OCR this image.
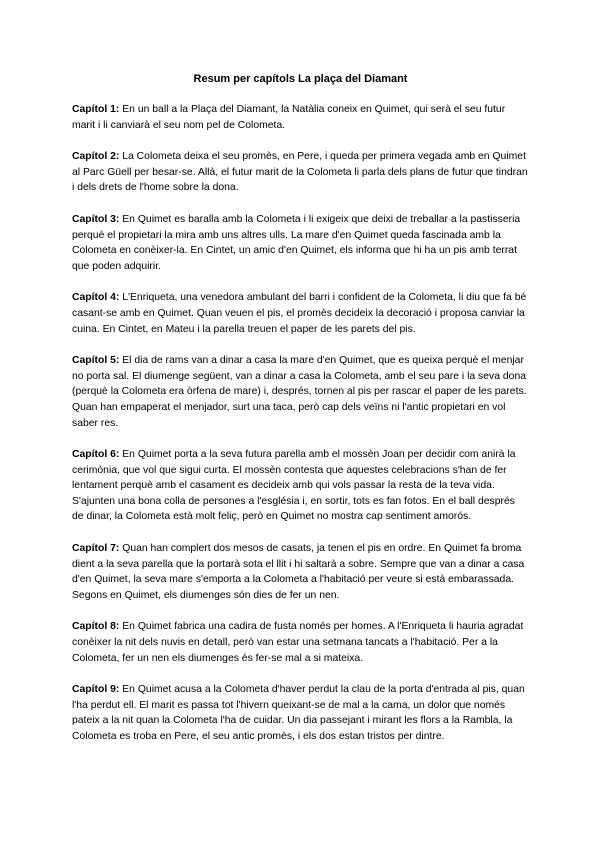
Resum per capítols La plaça del Diamant

Capítol 1: En un ball a la Plaça del Diamant, la Natàlia coneix en Quimet, qui serà el seu futur marit i li canviarà el seu nom pel de Colometa.

Capítol 2: La Colometa deixa el seu promès, en Pere, i queda per primera vegada amb en Quimet al Parc Güell per besar-se. Allà, el futur marit de la Colometa li parla dels plans de futur que tindran i dels drets de l'home sobre la dona.

Capítol 3: En Quimet es baralla amb la Colometa i li exigeix que deixi de treballar a la pastisseria perquè el propietari la mira amb uns altres ulls. La mare d'en Quimet queda fascinada amb la Colometa en conèixer-la. En Cintet, un amic d'en Quimet, els informa que hi ha un pis amb terrat que poden adquirir.

Capítol 4: L'Enriqueta, una venedora ambulant del barri i confident de la Colometa, li diu que fa bé casant-se amb en Quimet. Quan veuen el pis, el promès decideix la decoració i proposa canviar la cuina. En Cintet, en Mateu i la parella treuen el paper de les parets del pis.

Capítol 5: El dia de rams van a dinar a casa la mare d'en Quimet, que es queixa perquè el menjar no porta sal. El diumenge següent, van a dinar a casa la Colometa, amb el seu pare i la seva dona (perquè la Colometa era òrfena de mare) i, després, tornen al pis per rascar el paper de les parets. Quan han empaperat el menjador, surt una taca, però cap dels veïns ni l'antic propietari en vol saber res.

Capítol 6: En Quimet porta a la seva futura parella amb el mossèn Joan per decidir com anirà la cerimònia, que vol que sigui curta. El mossèn contesta que aquestes celebracions s'han de fer lentament perquè amb el casament es decideix amb qui vols passar la resta de la teva vida. S'ajunten una bona colla de persones a l'església i, en sortir, tots es fan fotos. En el ball després de dinar, la Colometa està molt feliç, però en Quimet no mostra cap sentiment amorós.

Capítol 7: Quan han complert dos mesos de casats, ja tenen el pis en ordre. En Quimet fa broma dient a la seva parella que la portarà sota el llit i hi saltarà a sobre. Sempre que van a dinar a casa d'en Quimet, la seva mare s'emporta a la Colometa a l'habitació per veure si està embarassada. Segons en Quimet, els diumenges són dies de fer un nen.

Capítol 8: En Quimet fabrica una cadira de fusta només per homes. A l'Enriqueta li hauria agradat conèixer la nit dels nuvis en detall, però van estar una setmana tancats a l'habitació. Per a la Colometa, fer un nen els diumenges és fer-se mal a si mateixa.

Capítol 9: En Quimet acusa a la Colometa d'haver perdut la clau de la porta d'entrada al pis, quan l'ha perdut ell. El marit es passa tot l'hivern queixant-se de mal a la cama, un dolor que només pateix a la nit quan la Colometa l'ha de cuidar. Un dia passejant i mirant les flors a la Rambla, la Colometa es troba en Pere, el seu antic promès, i els dos estan tristos per dintre.
